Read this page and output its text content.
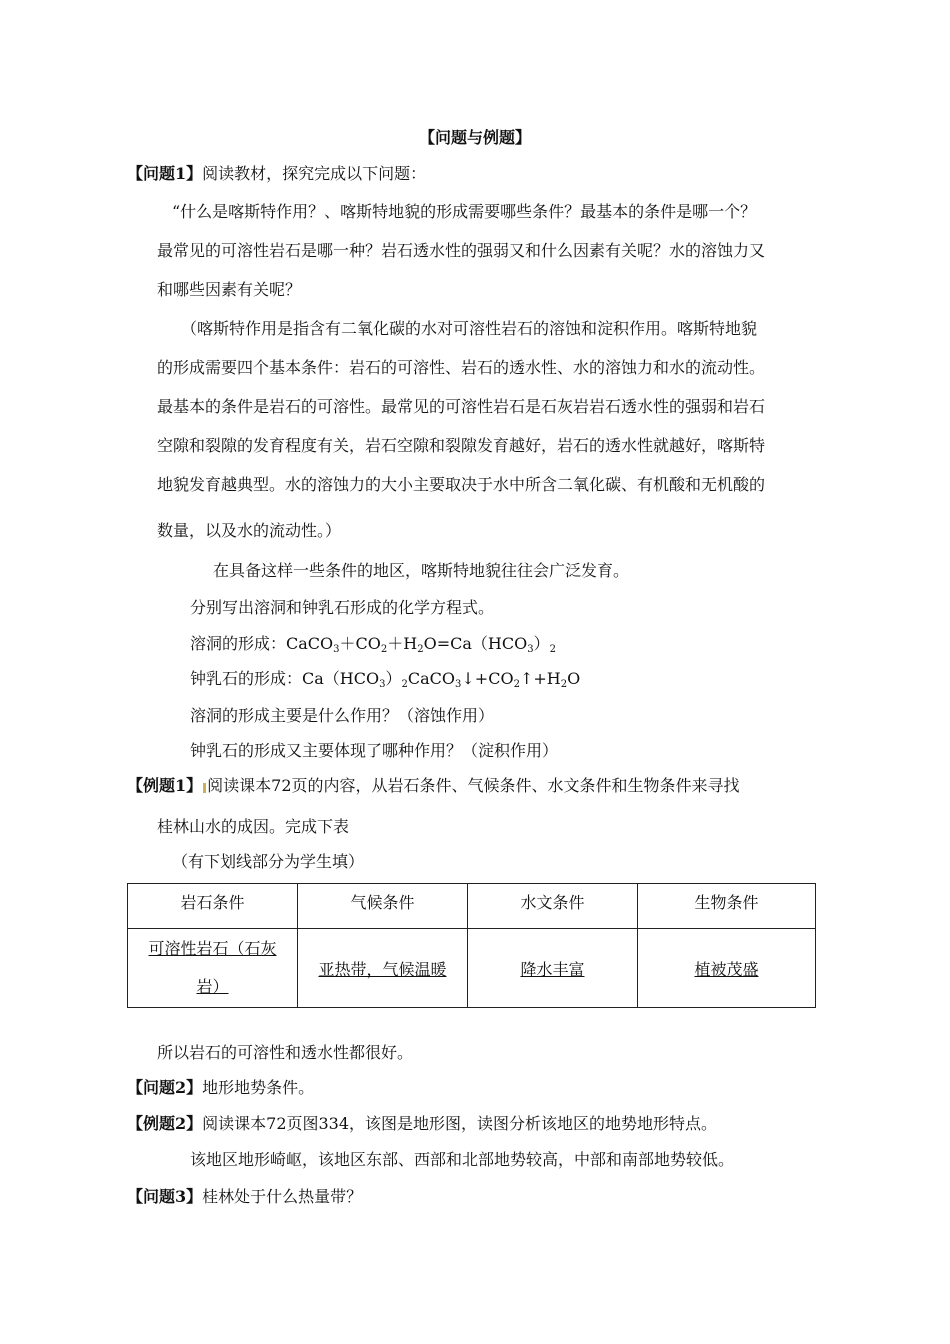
【问题与例题】
【问题1】阅读教材，探究完成以下问题：
“什么是喀斯特作用？、喀斯特地貌的形成需要哪些条件？最基本的条件是哪一个？
最常见的可溶性岩石是哪一种？岩石透水性的强弱又和什么因素有关呢？水的溶蚀力又
和哪些因素有关呢？
（喀斯特作用是指含有二氧化碳的水对可溶性岩石的溶蚀和淀积作用。喀斯特地貌
的形成需要四个基本条件：岩石的可溶性、岩石的透水性、水的溶蚀力和水的流动性。
最基本的条件是岩石的可溶性。最常见的可溶性岩石是石灰岩岩石透水性的强弱和岩石
空隙和裂隙的发育程度有关，岩石空隙和裂隙发育越好，岩石的透水性就越好，喀斯特
地貌发育越典型。水的溶蚀力的大小主要取决于水中所含二氧化碳、有机酸和无机酸的
数量，以及水的流动性。）
在具备这样一些条件的地区，喀斯特地貌往往会广泛发育。
分别写出溶洞和钟乳石形成的化学方程式。
溶洞的形成：$CaCO_3+CO_2+H_2O=Ca(HCO_3)_2$
钟乳石的形成：$Ca(HCO_3)_2CaCO_3↓+CO_2↑+H_2O$
溶洞的形成主要是什么作用？（溶蚀作用）
钟乳石的形成又主要体现了哪种作用？（淀积作用）
【例题1】 阅读课本72页的内容，从岩石条件、气候条件、水文条件和生物条件来寻找
桂林山水的成因。完成下表
（有下划线部分为学生填）
岩石条件	气候条件	水文条件	生物条件

可溶性岩石（石灰
岩）	亚热带，气候温暖	降水丰富	植被茂盛
所以岩石的可溶性和透水性都很好。
【问题2】地形地势条件。
【例题2】阅读课本72页图334，该图是地形图，读图分析该地区的地势地形特点。
该地区地形崎岖，该地区东部、西部和北部地势较高，中部和南部地势较低。
【问题3】桂林处于什么热量带？
